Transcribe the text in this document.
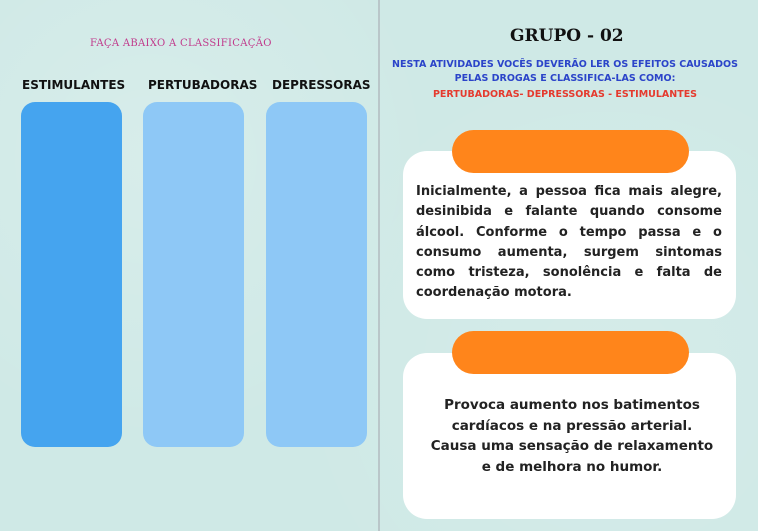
FAÇA ABAIXO A CLASSIFICAÇÃO
ESTIMULANTES PERTUBADORAS DEPRESSORAS
GRUPO - 02
NESTA ATIVIDADES VOCÊS DEVERÃO LER OS EFEITOS CAUSADOS
PELAS DROGAS E CLASSIFICA-LAS COMO:
PERTUBADORAS- DEPRESSORAS - ESTIMULANTES
Inicialmente, a pessoa fica mais alegre, desinibida e falante quando consome álcool. Conforme o tempo passa e o consumo aumenta, surgem sintomas como tristeza, sonolência e falta de coordenação motora.
Provoca aumento nos batimentos cardíacos e na pressão arterial. Causa uma sensação de relaxamento e de melhora no humor.
